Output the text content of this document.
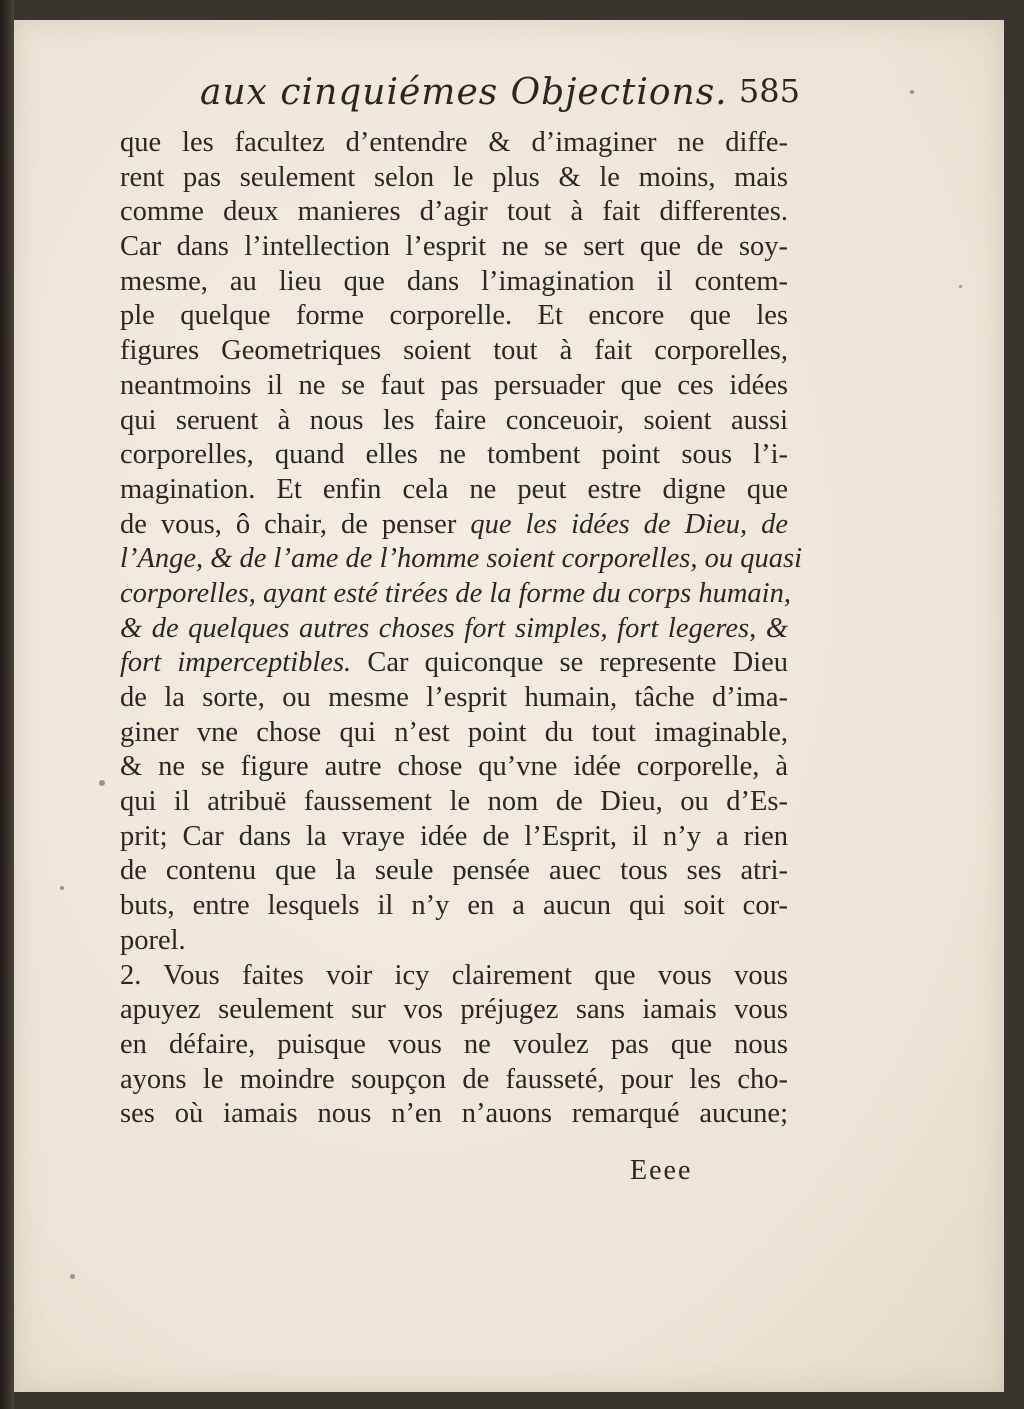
aux cinquiémes Objections. 585
que les facultez d’entendre & d’imaginer ne diffe-
rent pas seulement selon le plus & le moins, mais
comme deux manieres d’agir tout à fait differentes.
Car dans l’intellection l’esprit ne se sert que de soy-
mesme, au lieu que dans l’imagination il contem-
ple quelque forme corporelle. Et encore que les
figures Geometriques soient tout à fait corporelles,
neantmoins il ne se faut pas persuader que ces idées
qui seruent à nous les faire conceuoir, soient aussi
corporelles, quand elles ne tombent point sous l’i-
magination. Et enfin cela ne peut estre digne que
de vous, ô chair, de penser que les idées de Dieu, de
l’Ange, & de l’ame de l’homme soient corporelles, ou quasi
corporelles, ayant esté tirées de la forme du corps humain,
& de quelques autres choses fort simples, fort legeres, &
fort imperceptibles. Car quiconque se represente Dieu
de la sorte, ou mesme l’esprit humain, tâche d’ima-
giner vne chose qui n’est point du tout imaginable,
& ne se figure autre chose qu’vne idée corporelle, à
qui il atribuë faussement le nom de Dieu, ou d’Es-
prit; Car dans la vraye idée de l’Esprit, il n’y a rien
de contenu que la seule pensée auec tous ses atri-
buts, entre lesquels il n’y en a aucun qui soit cor-
porel.
2. Vous faites voir icy clairement que vous vous
apuyez seulement sur vos préjugez sans iamais vous
en défaire, puisque vous ne voulez pas que nous
ayons le moindre soupçon de fausseté, pour les cho-
ses où iamais nous n’en n’auons remarqué aucune;
Eeee
